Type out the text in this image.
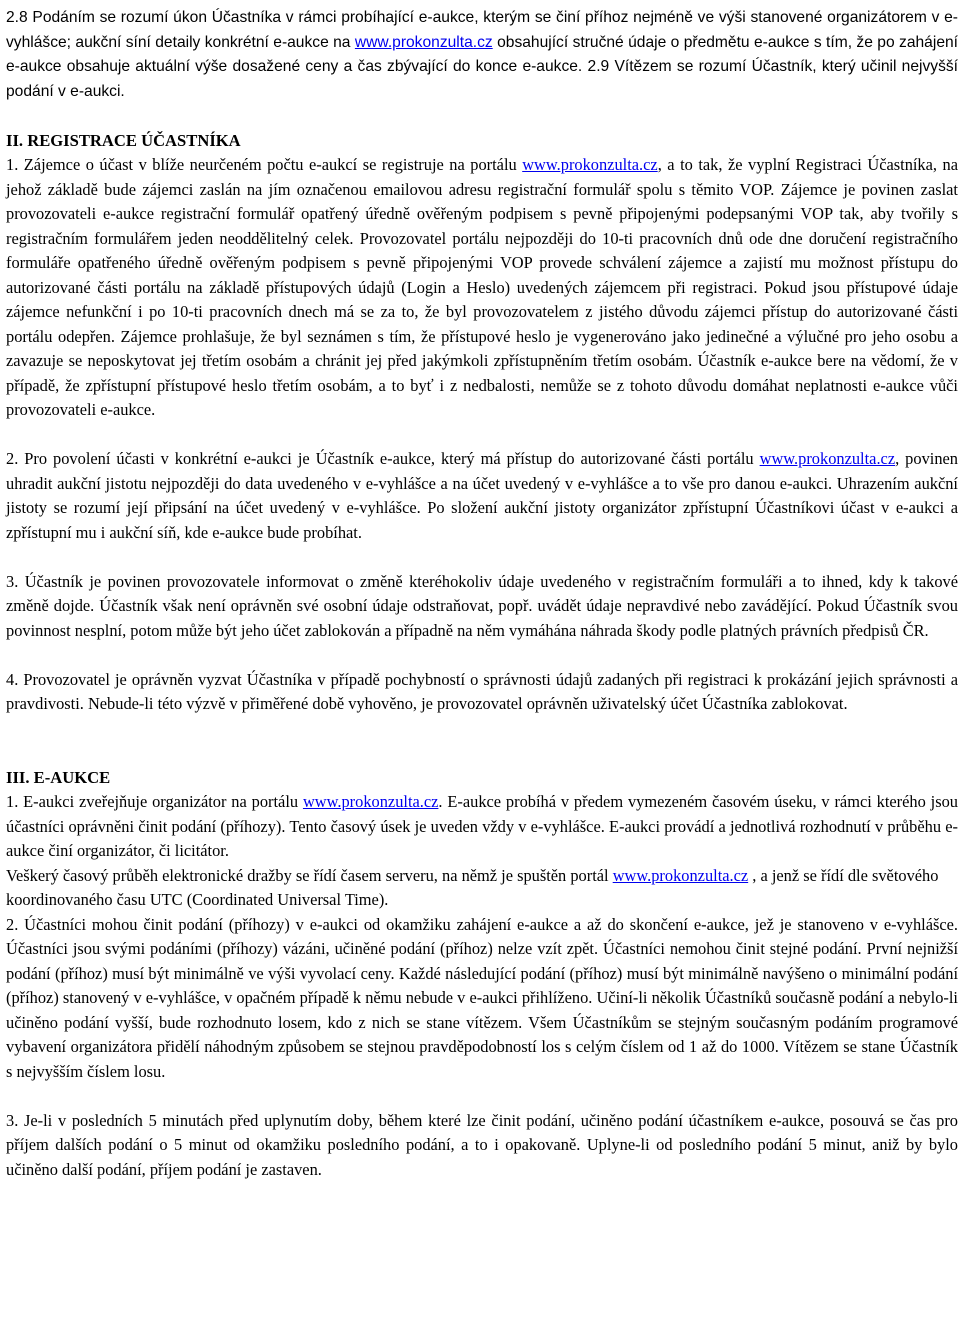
2.8 Podáním se rozumí úkon Účastníka v rámci probíhající e-aukce, kterým se činí příhoz nejméně ve výši stanovené organizátorem v e-vyhlášce; aukční síní detaily konkrétní e-aukce na www.prokonzulta.cz obsahující stručné údaje o předmětu e-aukce s tím, že po zahájení e-aukce obsahuje aktuální výše dosažené ceny a čas zbývající do konce e-aukce. 2.9 Vítězem se rozumí Účastník, který učinil nejvyšší podání v e-aukci.

II. REGISTRACE ÚČASTNÍKA

1. Zájemce o účast v blíže neurčeném počtu e-aukcí se registruje na portálu www.prokonzulta.cz, a to tak, že vyplní Registraci Účastníka, na jehož základě bude zájemci zaslán na jím označenou emailovou adresu registrační formulář spolu s těmito VOP. Zájemce je povinen zaslat provozovateli e-aukce registrační formulář opatřený úředně ověřeným podpisem s pevně připojenými podepsanými VOP tak, aby tvořily s registračním formulářem jeden neoddělitelný celek. Provozovatel portálu nejpozději do 10-ti pracovních dnů ode dne doručení registračního formuláře opatřeného úředně ověřeným podpisem s pevně připojenými VOP provede schválení zájemce a zajistí mu možnost přístupu do autorizované části portálu na základě přístupových údajů (Login a Heslo) uvedených zájemcem při registraci. Pokud jsou přístupové údaje zájemce nefunkční i po 10-ti pracovních dnech má se za to, že byl provozovatelem z jistého důvodu zájemci přístup do autorizované části portálu odepřen. Zájemce prohlašuje, že byl seznámen s tím, že přístupové heslo je vygenerováno jako jedinečné a výlučné pro jeho osobu a zavazuje se neposkytovat jej třetím osobám a chránit jej před jakýmkoli zpřístupněním třetím osobám. Účastník e-aukce bere na vědomí, že v případě, že zpřístupní přístupové heslo třetím osobám, a to byť i z nedbalosti, nemůže se z tohoto důvodu domáhat neplatnosti e-aukce vůči provozovateli e-aukce.

2. Pro povolení účasti v konkrétní e-aukci je Účastník e-aukce, který má přístup do autorizované části portálu www.prokonzulta.cz, povinen uhradit aukční jistotu nejpozději do data uvedeného v e-vyhlášce a na účet uvedený v e-vyhlášce a to vše pro danou e-aukci. Uhrazením aukční jistoty se rozumí její připsání na účet uvedený v e-vyhlášce. Po složení aukční jistoty organizátor zpřístupní Účastníkovi účast v e-aukci a zpřístupní mu i aukční síň, kde e-aukce bude probíhat.

3. Účastník je povinen provozovatele informovat o změně kteréhokoliv údaje uvedeného v registračním formuláři a to ihned, kdy k takové změně dojde. Účastník však není oprávněn své osobní údaje odstraňovat, popř. uvádět údaje nepravdivé nebo zavádějící. Pokud Účastník svou povinnost nesplní, potom může být jeho účet zablokován a případně na něm vymáhána náhrada škody podle platných právních předpisů ČR.

4. Provozovatel je oprávněn vyzvat Účastníka v případě pochybností o správnosti údajů zadaných při registraci k prokázání jejich správnosti a pravdivosti. Nebude-li této výzvě v přiměřené době vyhověno, je provozovatel oprávněn uživatelský účet Účastníka zablokovat.

III. E-AUKCE

1. E-aukci zveřejňuje organizátor na portálu www.prokonzulta.cz. E-aukce probíhá v předem vymezeném časovém úseku, v rámci kterého jsou účastníci oprávněni činit podání (příhozy). Tento časový úsek je uveden vždy v e-vyhlášce. E-aukci provádí a jednotlivá rozhodnutí v průběhu e-aukce činí organizátor, či licitátor.

Veškerý časový průběh elektronické dražby se řídí časem serveru, na němž je spuštěn portál www.prokonzulta.cz , a jenž se řídí dle světového koordinovaného času UTC (Coordinated Universal Time).

2. Účastníci mohou činit podání (příhozy) v e-aukci od okamžiku zahájení e-aukce a až do skončení e-aukce, jež je stanoveno v e-vyhlášce. Účastníci jsou svými podáními (příhozy) vázáni, učiněné podání (příhoz) nelze vzít zpět. Účastníci nemohou činit stejné podání. První nejnižší podání (příhoz) musí být minimálně ve výši vyvolací ceny. Každé následující podání (příhoz) musí být minimálně navýšeno o minimální podání (příhoz) stanovený v e-vyhlášce, v opačném případě k němu nebude v e-aukci přihlíženo. Učiní-li několik Účastníků současně podání a nebylo-li učiněno podání vyšší, bude rozhodnuto losem, kdo z nich se stane vítězem. Všem Účastníkům se stejným současným podáním programové vybavení organizátora přidělí náhodným způsobem se stejnou pravděpodobností los s celým číslem od 1 až do 1000. Vítězem se stane Účastník s nejvyšším číslem losu.

3. Je-li v posledních 5 minutách před uplynutím doby, během které lze činit podání, učiněno podání účastníkem e-aukce, posouvá se čas pro příjem dalších podání o 5 minut od okamžiku posledního podání, a to i opakovaně. Uplyne-li od posledního podání 5 minut, aniž by bylo učiněno další podání, příjem podání je zastaven.
